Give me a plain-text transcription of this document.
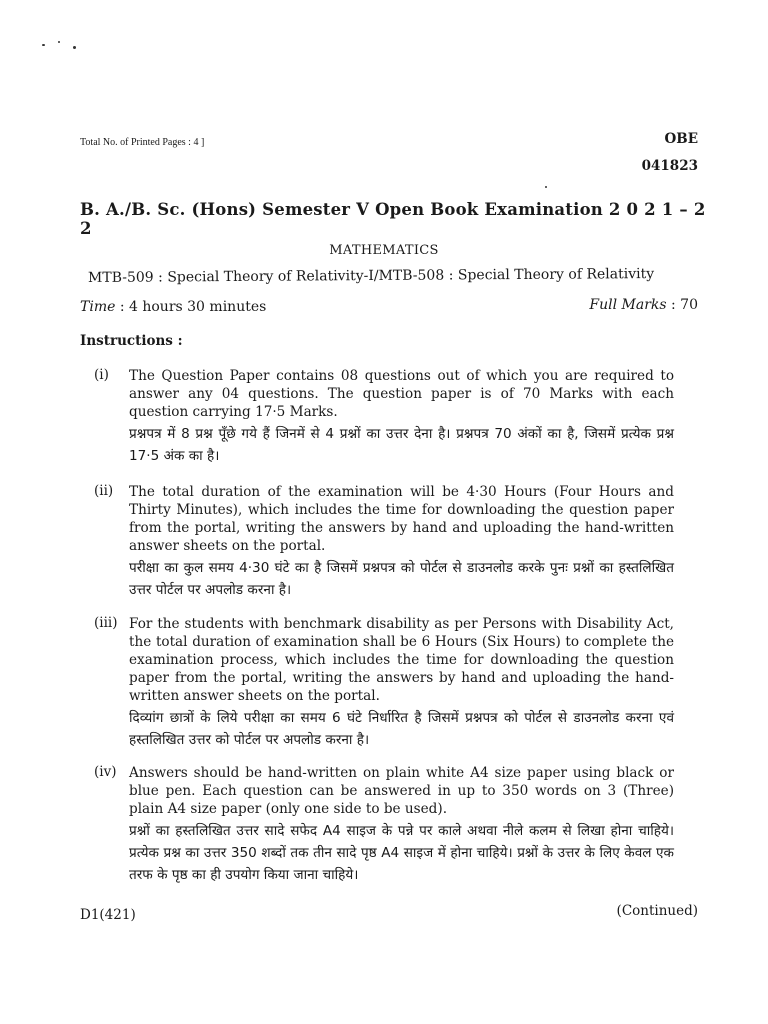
Total No. of Printed Pages : 4 ]	OBE
041823
B. A./B. Sc. (Hons) Semester V Open Book Examination 2 0 2 1 – 2 2
MATHEMATICS
MTB-509 : Special Theory of Relativity-I/MTB-508 : Special Theory of Relativity
Time : 4 hours 30 minutes	Full Marks : 70
Instructions :
(i) The Question Paper contains 08 questions out of which you are required to answer any 04 questions. The question paper is of 70 Marks with each question carrying 17·5 Marks.

प्रश्नपत्र में 8 प्रश्न पूँछे गये हैं जिनमें से 4 प्रश्नों का उत्तर देना है। प्रश्नपत्र 70 अंकों का है, जिसमें प्रत्येक प्रश्न 17·5 अंक का है।

(ii) The total duration of the examination will be 4·30 Hours (Four Hours and Thirty Minutes), which includes the time for downloading the question paper from the portal, writing the answers by hand and uploading the hand-written answer sheets on the portal.

परीक्षा का कुल समय 4·30 घंटे का है जिसमें प्रश्नपत्र को पोर्टल से डाउनलोड करके पुनः प्रश्नों का हस्तलिखित उत्तर पोर्टल पर अपलोड करना है।

(iii) For the students with benchmark disability as per Persons with Disability Act, the total duration of examination shall be 6 Hours (Six Hours) to complete the examination process, which includes the time for downloading the question paper from the portal, writing the answers by hand and uploading the hand-written answer sheets on the portal.

दिव्यांग छात्रों के लिये परीक्षा का समय 6 घंटे निर्धारित है जिसमें प्रश्नपत्र को पोर्टल से डाउनलोड करना एवं हस्तलिखित उत्तर को पोर्टल पर अपलोड करना है।

(iv) Answers should be hand-written on plain white A4 size paper using black or blue pen. Each question can be answered in up to 350 words on 3 (Three) plain A4 size paper (only one side to be used).

प्रश्नों का हस्तलिखित उत्तर सादे सफेद A4 साइज के पन्ने पर काले अथवा नीले कलम से लिखा होना चाहिये। प्रत्येक प्रश्न का उत्तर 350 शब्दों तक तीन सादे पृष्ठ A4 साइज में होना चाहिये। प्रश्नों के उत्तर के लिए केवल एक तरफ के पृष्ठ का ही उपयोग किया जाना चाहिये।

D1(421)	(Continued)
